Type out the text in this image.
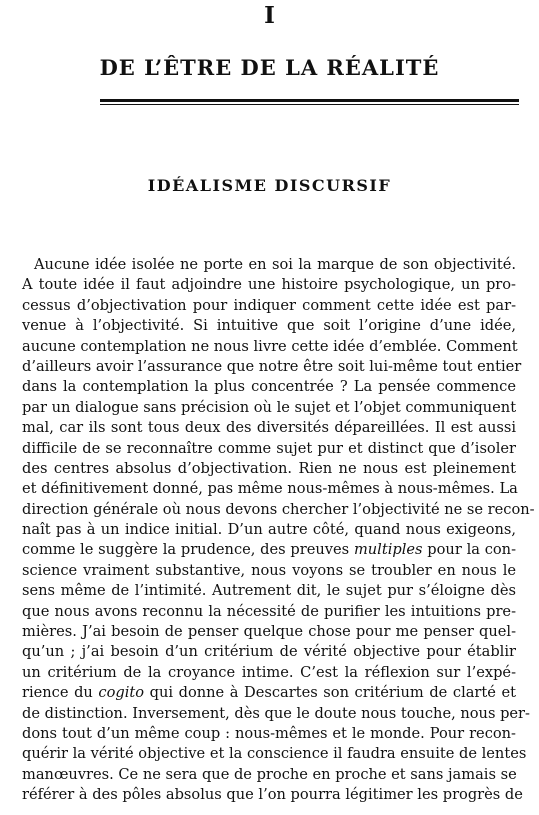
I
DE L’ÊTRE DE LA RÉALITÉ
IDÉALISME DISCURSIF
Aucune idée isolée ne porte en soi la marque de son objectivité.
A toute idée il faut adjoindre une histoire psychologique, un pro-
cessus d’objectivation pour indiquer comment cette idée est par-
venue à l’objectivité. Si intuitive que soit l’origine d’une idée,
aucune contemplation ne nous livre cette idée d’emblée. Comment
d’ailleurs avoir l’assurance que notre être soit lui-même tout entier
dans la contemplation la plus concentrée ? La pensée commence
par un dialogue sans précision où le sujet et l’objet communiquent
mal, car ils sont tous deux des diversités dépareillées. Il est aussi
difficile de se reconnaître comme sujet pur et distinct que d’isoler
des centres absolus d’objectivation. Rien ne nous est pleinement
et définitivement donné, pas même nous-mêmes à nous-mêmes. La
direction générale où nous devons chercher l’objectivité ne se recon-
naît pas à un indice initial. D’un autre côté, quand nous exigeons,
comme le suggère la prudence, des preuves multiples pour la con-
science vraiment substantive, nous voyons se troubler en nous le
sens même de l’intimité. Autrement dit, le sujet pur s’éloigne dès
que nous avons reconnu la nécessité de purifier les intuitions pre-
mières. J’ai besoin de penser quelque chose pour me penser quel-
qu’un ; j’ai besoin d’un critérium de vérité objective pour établir
un critérium de la croyance intime. C’est la réflexion sur l’expé-
rience du cogito qui donne à Descartes son critérium de clarté et
de distinction. Inversement, dès que le doute nous touche, nous per-
dons tout d’un même coup : nous-mêmes et le monde. Pour recon-
quérir la vérité objective et la conscience il faudra ensuite de lentes
manœuvres. Ce ne sera que de proche en proche et sans jamais se
référer à des pôles absolus que l’on pourra légitimer les progrès de
